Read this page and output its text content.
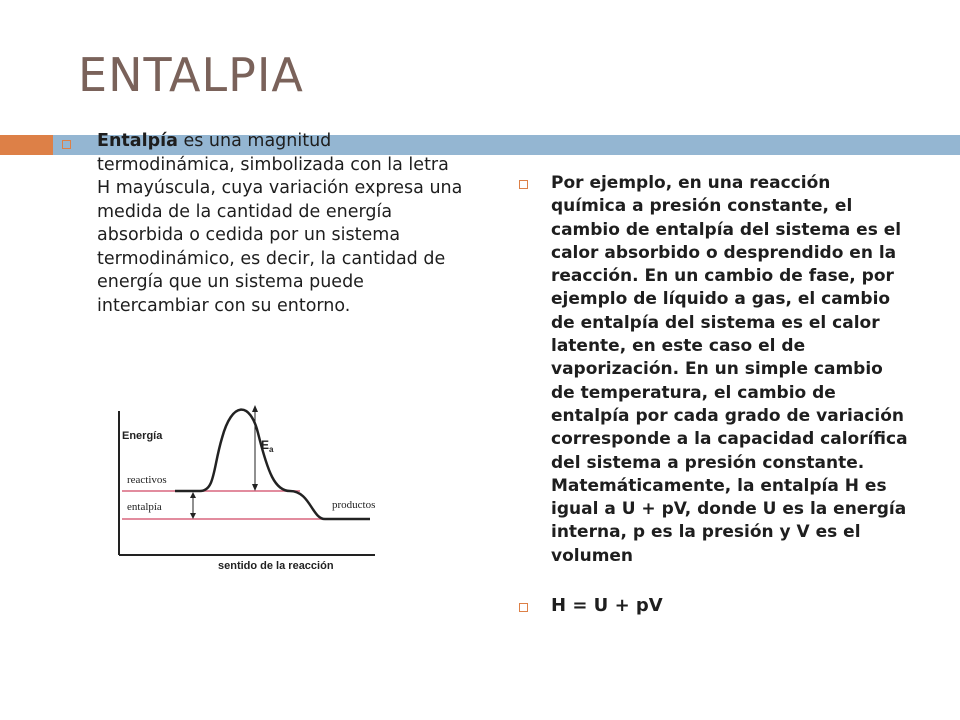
ENTALPIA
Entalpía es una magnitud termodinámica, simbolizada con la letra H mayúscula, cuya variación expresa una medida de la cantidad de energía absorbida o cedida por un sistema termodinámico, es decir, la cantidad de energía que un sistema puede intercambiar con su entorno.
Por ejemplo, en una reacción química a presión constante, el cambio de entalpía del sistema es el calor absorbido o desprendido en la reacción. En un cambio de fase, por ejemplo de líquido a gas, el cambio de entalpía del sistema es el calor latente, en este caso el de vaporización. En un simple cambio de temperatura, el cambio de entalpía por cada grado de variación corresponde a la capacidad calorífica del sistema a presión constante. Matemáticamente, la entalpía H es igual a U + pV, donde U es la energía interna, p es la presión y V es el volumen
H = U + pV
Energía
reactivos
entalpía	productos
$E_a$
sentido de la reacción
